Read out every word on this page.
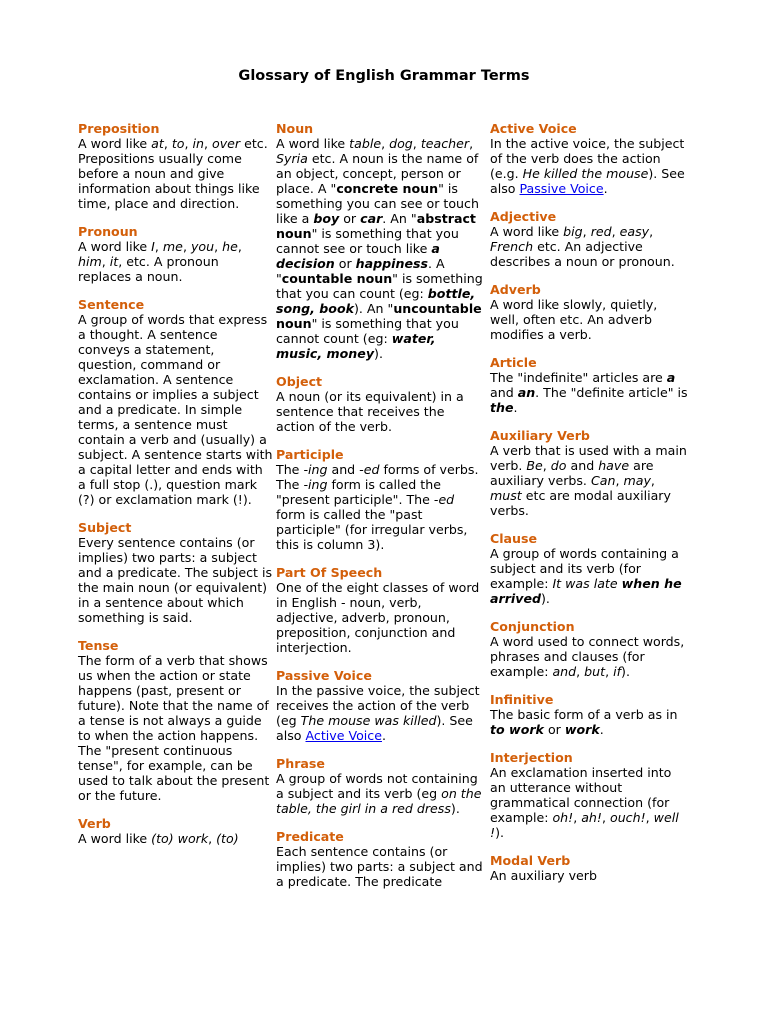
Glossary of English Grammar Terms
Preposition
A word like at, to, in, over etc. Prepositions usually come before a noun and give information about things like time, place and direction.
Pronoun
A word like I, me, you, he, him, it, etc. A pronoun replaces a noun.
Sentence
A group of words that express a thought. A sentence conveys a statement, question, command or exclamation. A sentence contains or implies a subject and a predicate. In simple terms, a sentence must contain a verb and (usually) a subject. A sentence starts with a capital letter and ends with a full stop (.), question mark (?) or exclamation mark (!).
Subject
Every sentence contains (or implies) two parts: a subject and a predicate. The subject is the main noun (or equivalent) in a sentence about which something is said.
Tense
The form of a verb that shows us when the action or state happens (past, present or future). Note that the name of a tense is not always a guide to when the action happens. The "present continuous tense", for example, can be used to talk about the present or the future.
Verb
A word like (to) work, (to)
Noun
A word like table, dog, teacher, Syria etc. A noun is the name of an object, concept, person or place. A "concrete noun" is something you can see or touch like a boy or car. An "abstract noun" is something that you cannot see or touch like a decision or happiness. A "countable noun" is something that you can count (eg: bottle, song, book). An "uncountable noun" is something that you cannot count (eg: water, music, money).
Object
A noun (or its equivalent) in a sentence that receives the action of the verb.
Participle
The -ing and -ed forms of verbs. The -ing form is called the "present participle". The -ed form is called the "past participle" (for irregular verbs, this is column 3).
Part Of Speech
One of the eight classes of word in English - noun, verb, adjective, adverb, pronoun, preposition, conjunction and interjection.
Passive Voice
In the passive voice, the subject receives the action of the verb (eg The mouse was killed). See also Active Voice.
Phrase
A group of words not containing a subject and its verb (eg on the table, the girl in a red dress).
Predicate
Each sentence contains (or implies) two parts: a subject and a predicate. The predicate
Active Voice
In the active voice, the subject of the verb does the action (e.g. He killed the mouse). See also Passive Voice.
Adjective
A word like big, red, easy, French etc. An adjective describes a noun or pronoun.
Adverb
A word like slowly, quietly, well, often etc. An adverb modifies a verb.
Article
The "indefinite" articles are a and an. The "definite article" is the.
Auxiliary Verb
A verb that is used with a main verb. Be, do and have are auxiliary verbs. Can, may, must etc are modal auxiliary verbs.
Clause
A group of words containing a subject and its verb (for example: It was late when he arrived).
Conjunction
A word used to connect words, phrases and clauses (for example: and, but, if).
Infinitive
The basic form of a verb as in to work or work.
Interjection
An exclamation inserted into an utterance without grammatical connection (for example: oh!, ah!, ouch!, well !).
Modal Verb
An auxiliary verb
